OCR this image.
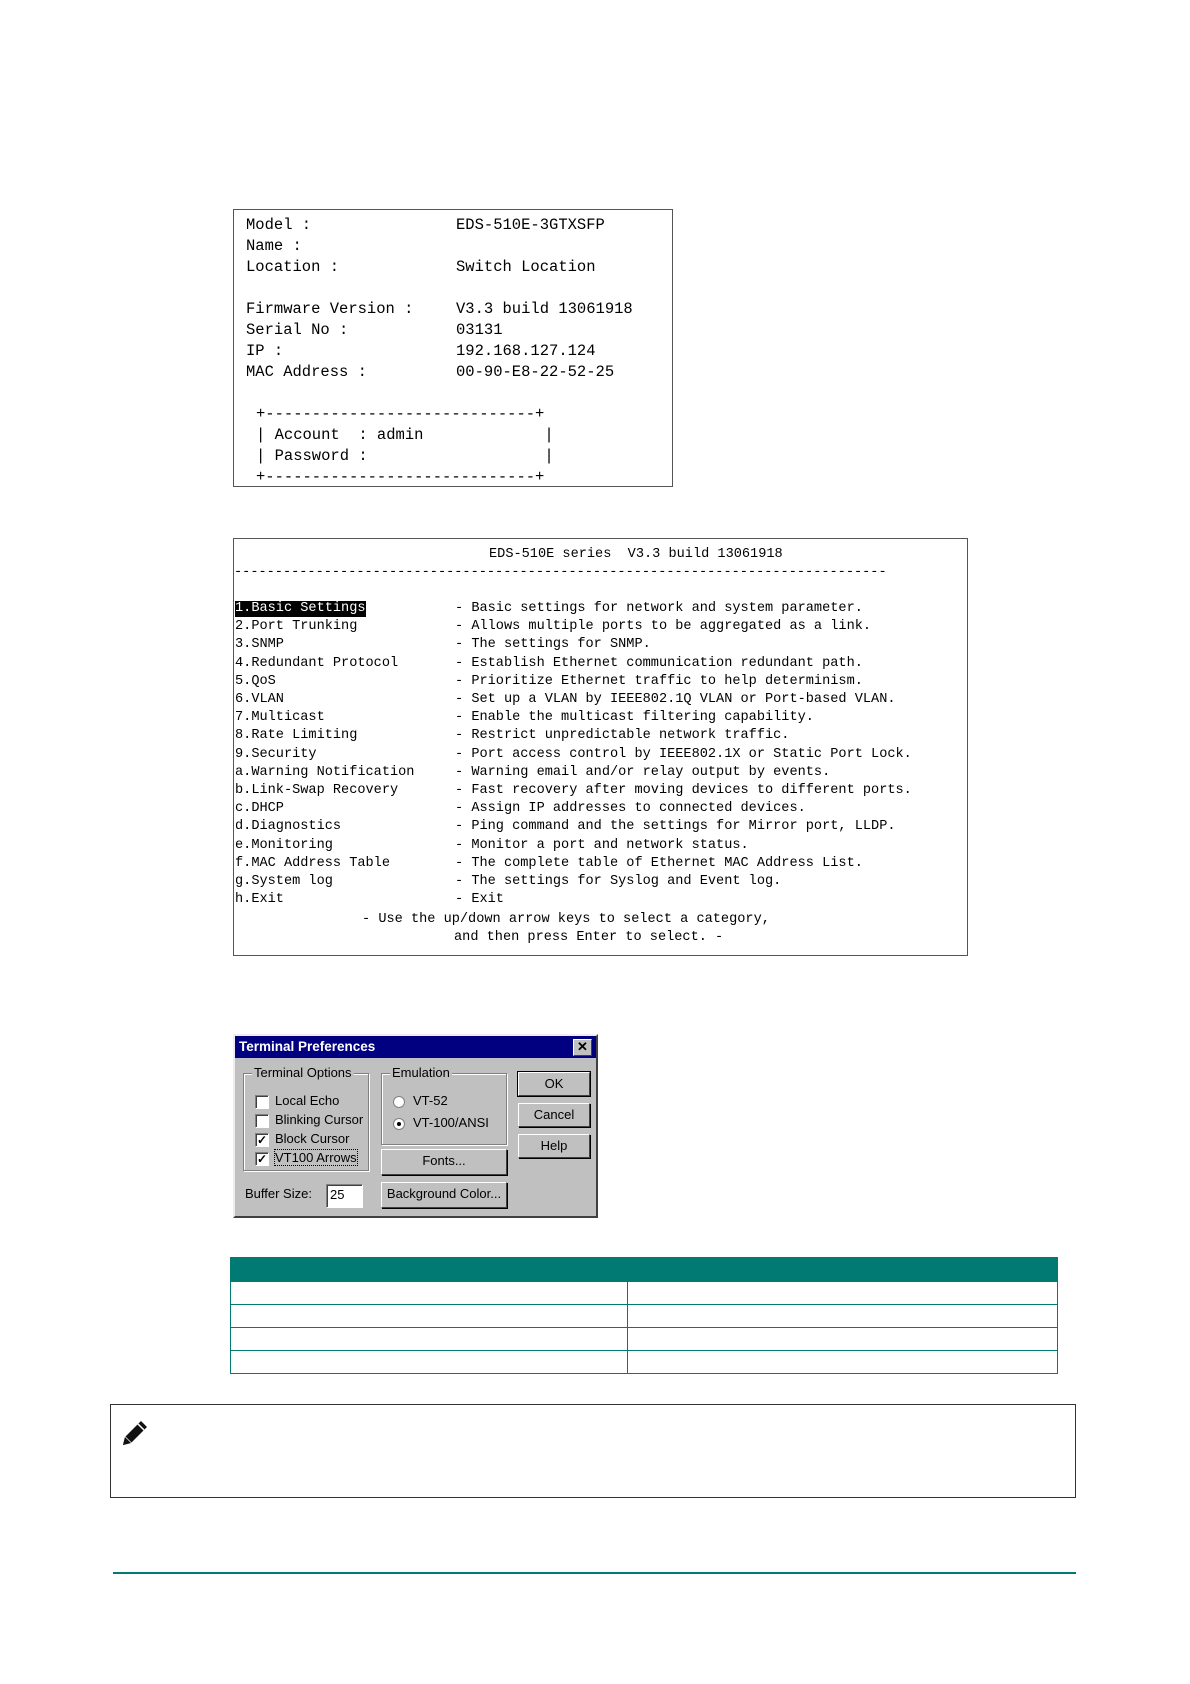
Model :	EDS-510E-3GTXSFP
Name :
Location :	Switch Location
Firmware Version :	V3.3 build 13061918
Serial No :	03131
IP :	192.168.127.124
MAC Address :	00-90-E8-22-52-25
+-----------------------------+
| Account  : admin             |
| Password :                   |
+-----------------------------+
EDS-510E series  V3.3 build 13061918
--------------------------------------------------------------------------------
1.Basic Settings	- Basic settings for network and system parameter.
2.Port Trunking	- Allows multiple ports to be aggregated as a link.
3.SNMP	- The settings for SNMP.
4.Redundant Protocol	- Establish Ethernet communication redundant path.
5.QoS	- Prioritize Ethernet traffic to help determinism.
6.VLAN	- Set up a VLAN by IEEE802.1Q VLAN or Port-based VLAN.
7.Multicast	- Enable the multicast filtering capability.
8.Rate Limiting	- Restrict unpredictable network traffic.
9.Security	- Port access control by IEEE802.1X or Static Port Lock.
a.Warning Notification	- Warning email and/or relay output by events.
b.Link-Swap Recovery	- Fast recovery after moving devices to different ports.
c.DHCP	- Assign IP addresses to connected devices.
d.Diagnostics	- Ping command and the settings for Mirror port, LLDP.
e.Monitoring	- Monitor a port and network status.
f.MAC Address Table	- The complete table of Ethernet MAC Address List.
g.System log	- The settings for Syslog and Event log.
h.Exit	- Exit
- Use the up/down arrow keys to select a category,
and then press Enter to select. -
Terminal Preferences	✕
Terminal Options
Local Echo
Blinking Cursor
✓ Block Cursor
✓ VT100 Arrows
Emulation
VT-52
VT-100/ANSI
OK
Cancel
Help
Fonts...
Background Color...
Buffer Size:	25
